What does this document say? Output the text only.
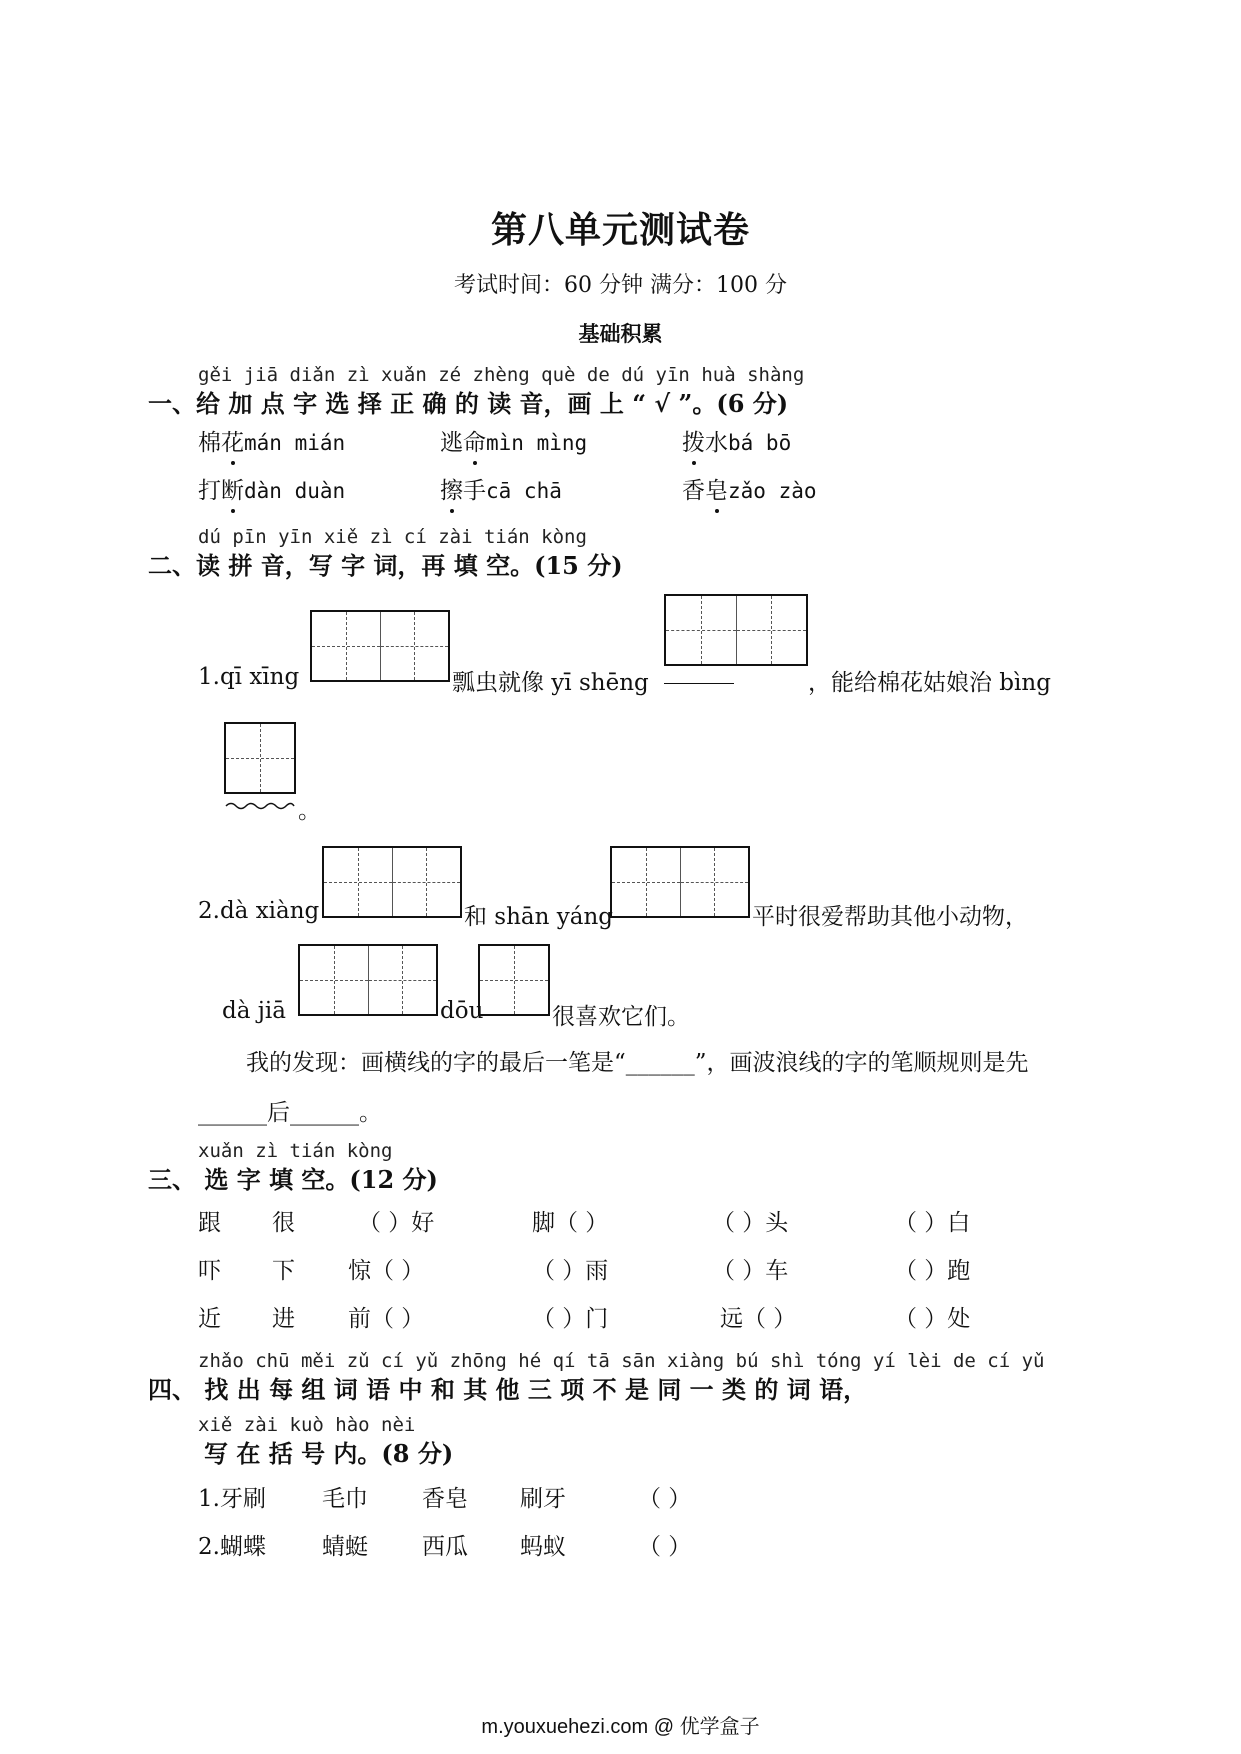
第八单元测试卷
考试时间：60 分钟 满分：100 分
基础积累
gěi jiā diǎn zì xuǎn zé zhèng què de dú yīn huà shàng
一、给 加 点 字 选 择 正 确 的 读 音，画 上 “ √ ”。(6 分)
棉花mán mián	逃命mìn mìng	拨水bá bō
打断dàn duàn	擦手cā chā	香皂zǎo zào
dú pīn yīn xiě zì cí zài tián kòng
二、读 拼 音，写 字 词，再 填 空。(15 分)
1.qī xīng	瓢虫就像 yī shēng	，能给棉花姑娘治 bìng
。
2.dà xiàng	和 shān yáng	平时很爱帮助其他小动物，
dà jiā	dōu	很喜欢它们。
我的发现：画横线的字的最后一笔是“______”，画波浪线的字的笔顺规则是先
______后______。
xuǎn zì tián kòng
三、 选 字 填 空。(12 分)
跟 很	（ ）好	脚（ ）	（ ）头	（ ）白
吓 下 惊（ ）	（ ）雨	（ ）车	（ ）跑
近 进 前（ ）	（ ）门	远（ ）	（ ）处
zhǎo chū měi zǔ cí yǔ zhōng hé qí tā sān xiàng bú shì tóng yí lèi de cí yǔ
四、 找 出 每 组 词 语 中 和 其 他 三 项 不 是 同 一 类 的 词 语，
xiě zài kuò hào nèi
写 在 括 号 内。(8 分)
1.牙刷 毛巾 香皂 刷牙	（ ）
2.蝴蝶 蜻蜓 西瓜 蚂蚁	（ ）
m.youxuehezi.com @ 优学盒子
